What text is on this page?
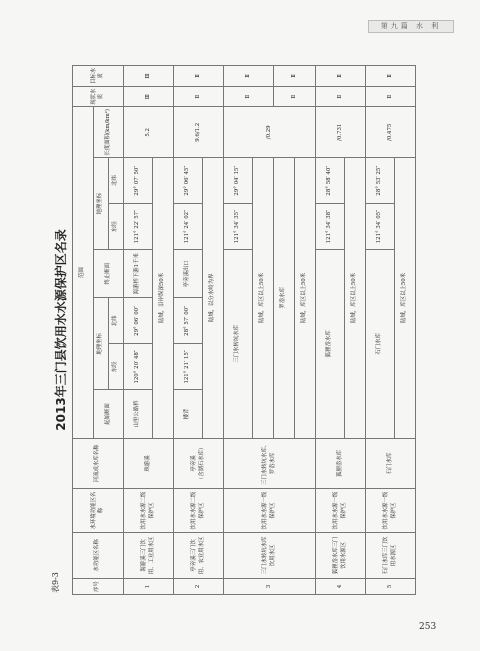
第九篇 水 利
表9-3
2013年三门县饮用水水源保护区名录
序号	水功能区名称	水环境功能区名称	河流或水库名称	范围							现状水质	目标水质
				起始断面	地理坐标		终止断面	地理坐标		长度面积(km/km²)		
					东经	北纬		东经	北纬			
1	海游溪三门饮用、工业用水区	饮用水水源二级保护区	珠游溪	山里公路桥	120° 20′ 48″	29° 06′ 00″	海游桥下游1千米	121° 22′ 57″	29° 07′ 50″	5.2	Ⅲ	Ⅲ
				陆域，沿岸纵深50米								
2	亭旁溪三门饮用、农业用水区	饮用水水源二级保护区	亭旁溪
（含湖石水库）	楼背	121° 21′ 15″	28° 57′ 00″	亭旁溪出口	121° 24′ 02″	29° 06′ 45″	9.6/1.2	Ⅱ	Ⅱ
				陆域，以分水岭为界								
3	三门水转坑水库饮用水区	饮用水水源一级保护区	三门水转坑水库、罗岙水库	三门水转坑水库				121° 34′ 35″	29° 04′ 15″	/0.29	Ⅱ	Ⅱ
				陆域，库区以上50米								
				罗岙水库							Ⅱ	Ⅱ
				陆域，库区以上50米								
4	狐狸岙水库三门饮用水源区	饮用水水源一级保护区	狐狸岙水库	狐狸岙水库				121° 34′ 38″	28° 58′ 40″	/0.731	Ⅱ	Ⅱ
				陆域，库区以上50米								
5	石门水库三门饮用水源区	饮用水水源一级保护区	石门水库	石门水库				121° 34′ 05″	28° 53′ 25″	/0.475	Ⅱ	Ⅱ
				陆域，库区以上50米								
253
